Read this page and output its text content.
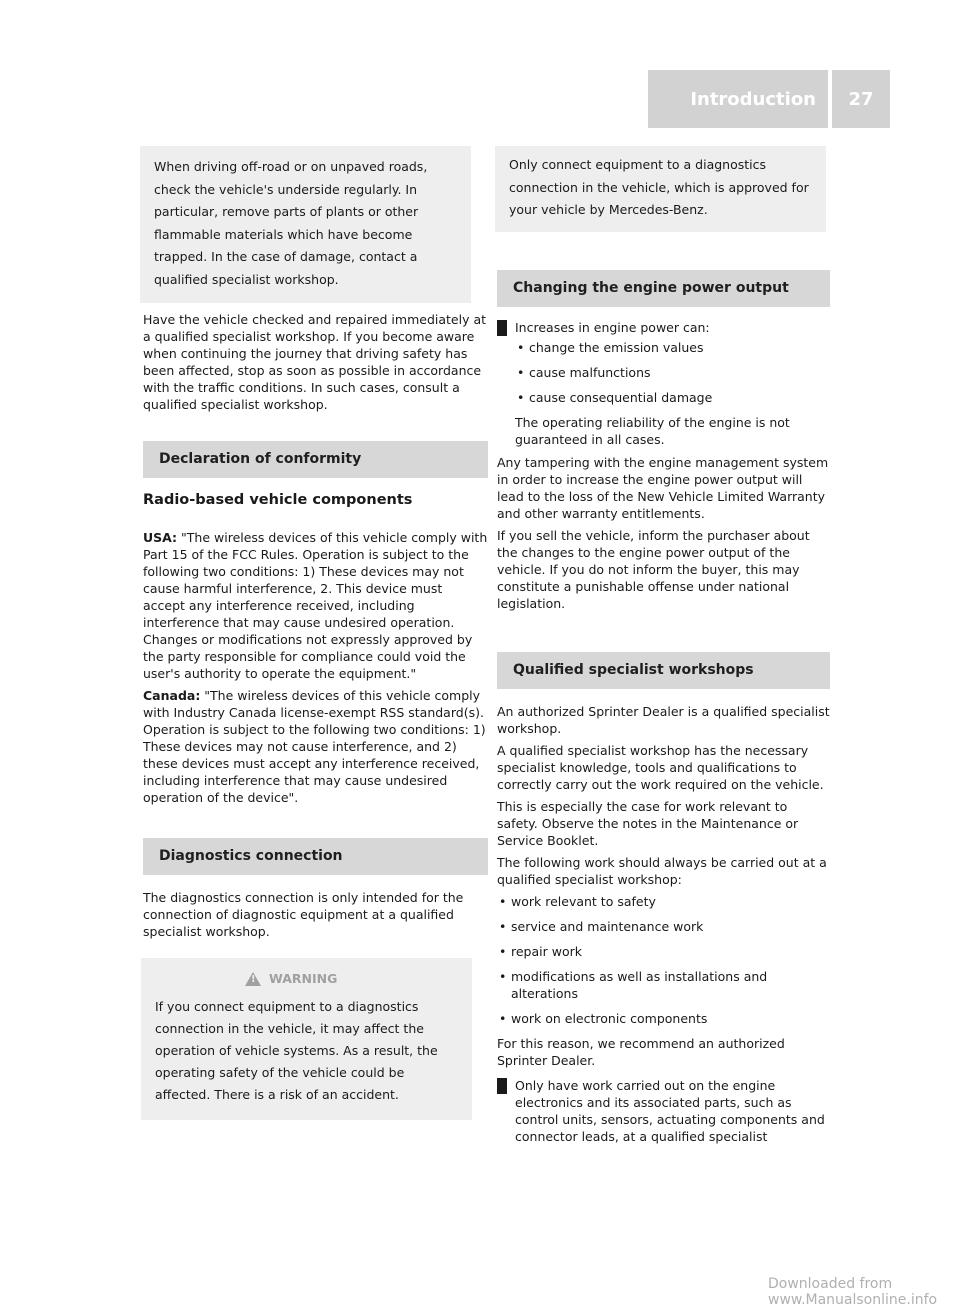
Introduction	27
When driving off-road or on unpaved roads, check the vehicle's underside regularly. In particular, remove parts of plants or other flammable materials which have become trapped. In the case of damage, contact a qualified specialist workshop.

Have the vehicle checked and repaired immediately at a qualified specialist workshop. If you become aware when continuing the journey that driving safety has been affected, stop as soon as possible in accordance with the traffic conditions. In such cases, consult a qualified specialist workshop.

Declaration of conformity
Radio-based vehicle components

USA: "The wireless devices of this vehicle comply with Part 15 of the FCC Rules. Operation is subject to the following two conditions: 1) These devices may not cause harmful interference, 2. This device must accept any interference received, including interference that may cause undesired operation. Changes or modifications not expressly approved by the party responsible for compliance could void the user's authority to operate the equipment."

Canada: "The wireless devices of this vehicle comply with Industry Canada license-exempt RSS standard(s). Operation is subject to the following two conditions: 1) These devices may not cause interference, and 2) these devices must accept any interference received, including interference that may cause undesired operation of the device".

Diagnostics connection

The diagnostics connection is only intended for the connection of diagnostic equipment at a qualified specialist workshop.

!
WARNING
If you connect equipment to a diagnostics connection in the vehicle, it may affect the operation of vehicle systems. As a result, the operating safety of the vehicle could be affected. There is a risk of an accident.
Only connect equipment to a diagnostics connection in the vehicle, which is approved for your vehicle by Mercedes-Benz.
Changing the engine power output
Increases in engine power can:
• change the emission values
• cause malfunctions
• cause consequential damage
The operating reliability of the engine is not guaranteed in all cases.

Any tampering with the engine management system in order to increase the engine power output will lead to the loss of the New Vehicle Limited Warranty and other warranty entitlements.

If you sell the vehicle, inform the purchaser about the changes to the engine power output of the vehicle. If you do not inform the buyer, this may constitute a punishable offense under national legislation.

Qualified specialist workshops

An authorized Sprinter Dealer is a qualified specialist workshop.

A qualified specialist workshop has the necessary specialist knowledge, tools and qualifications to correctly carry out the work required on the vehicle.

This is especially the case for work relevant to safety. Observe the notes in the Maintenance or Service Booklet.

The following work should always be carried out at a qualified specialist workshop:

• work relevant to safety
• service and maintenance work
• repair work
• modifications as well as installations and alterations
• work on electronic components

For this reason, we recommend an authorized Sprinter Dealer.

Only have work carried out on the engine electronics and its associated parts, such as control units, sensors, actuating components and connector leads, at a qualified specialist
Downloaded from www.Manualsonline.info
